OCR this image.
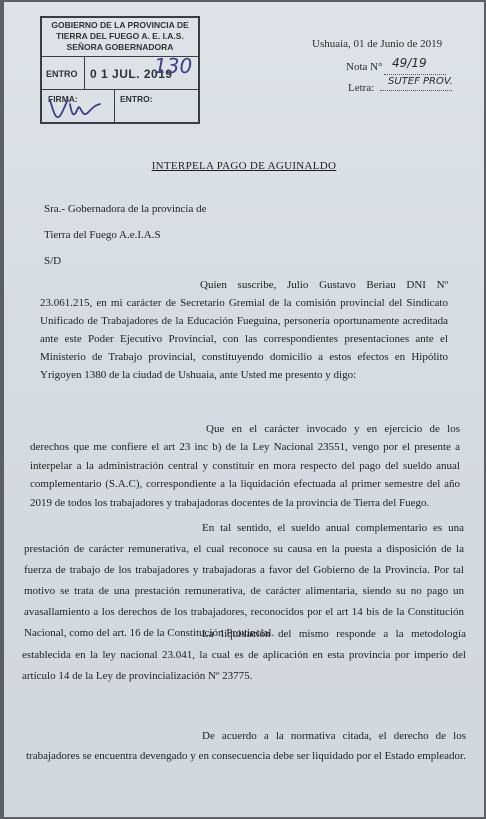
GOBIERNO DE LA PROVINCIA DE
TIERRA DEL FUEGO A. E. I.A.S.
SEÑORA GOBERNADORA
ENTRO 0 1 JUL. 2019
FIRMA:	ENTRO:
130
Ushuaia, 01 de Junio de 2019
Nota N° 49/19
Letra:
SUTEF PROV.
INTERPELA PAGO DE AGUINALDO
Sra.- Gobernadora de la provincia de
Tierra del Fuego A.e.I.A.S
S/D
Quien suscribe, Julio Gustavo Beriau DNI Nº 23.061.215, en mi carácter de Secretario Gremial de la comisión provincial del Sindicato Unificado de Trabajadores de la Educación Fueguina, personería oportunamente acreditada ante este Poder Ejecutivo Provincial, con las correspondientes presentaciones ante el Ministerio de Trabajo provincial, constituyendo domicilio a estos efectos en Hipólito Yrigoyen 1380 de la ciudad de Ushuaia, ante Usted me presento y digo:
Que en el carácter invocado y en ejercicio de los derechos que me confiere el art 23 inc b) de la Ley Nacional 23551, vengo por el presente a interpelar a la administración central y constituir en mora respecto del pago del sueldo anual complementario (S.A.C), correspondiente a la liquidación efectuada al primer semestre del año 2019 de todos los trabajadores y trabajadoras docentes de la provincia de Tierra del Fuego.
En tal sentido, el sueldo anual complementario es una prestación de carácter remunerativa, el cual reconoce su causa en la puesta a disposición de la fuerza de trabajo de los trabajadores y trabajadoras a favor del Gobierno de la Provincia. Por tal motivo se trata de una prestación remunerativa, de carácter alimentaria, siendo su no pago un avasallamiento a los derechos de los trabajadores, reconocidos por el art 14 bis de la Constitución Nacional, como del art. 16 de la Constitución Provincial.
La liquidación del mismo responde a la metodología establecida en la ley nacional 23.041, la cual es de aplicación en esta provincia por imperio del artículo 14 de la Ley de provincialización Nº 23775.
De acuerdo a la normativa citada, el derecho de los trabajadores se encuentra devengado y en consecuencia debe ser liquidado por el Estado empleador.
